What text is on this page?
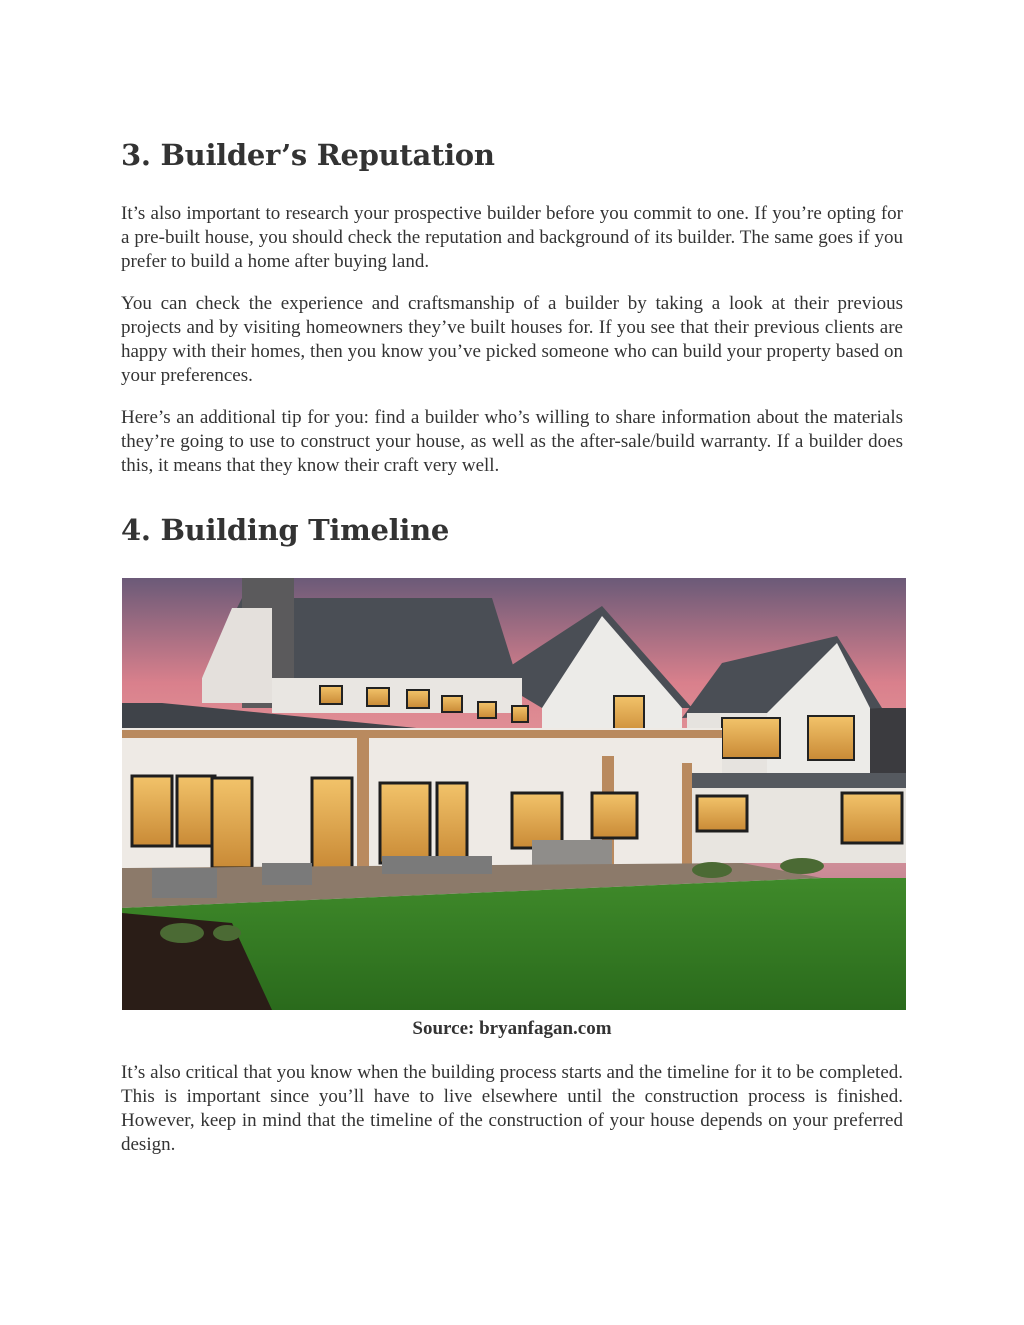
3. Builder’s Reputation

It’s also important to research your prospective builder before you commit to one. If you’re opting for a pre-built house, you should check the reputation and background of its builder. The same goes if you prefer to build a home after buying land.

You can check the experience and craftsmanship of a builder by taking a look at their previous projects and by visiting homeowners they’ve built houses for. If you see that their previous clients are happy with their homes, then you know you’ve picked someone who can build your property based on your preferences.

Here’s an additional tip for you: find a builder who’s willing to share information about the materials they’re going to use to construct your house, as well as the after-sale/build warranty. If a builder does this, it means that they know their craft very well.

4. Building Timeline
Source: bryanfagan.com

It’s also critical that you know when the building process starts and the timeline for it to be completed. This is important since you’ll have to live elsewhere until the construction process is finished. However, keep in mind that the timeline of the construction of your house depends on your preferred design.
